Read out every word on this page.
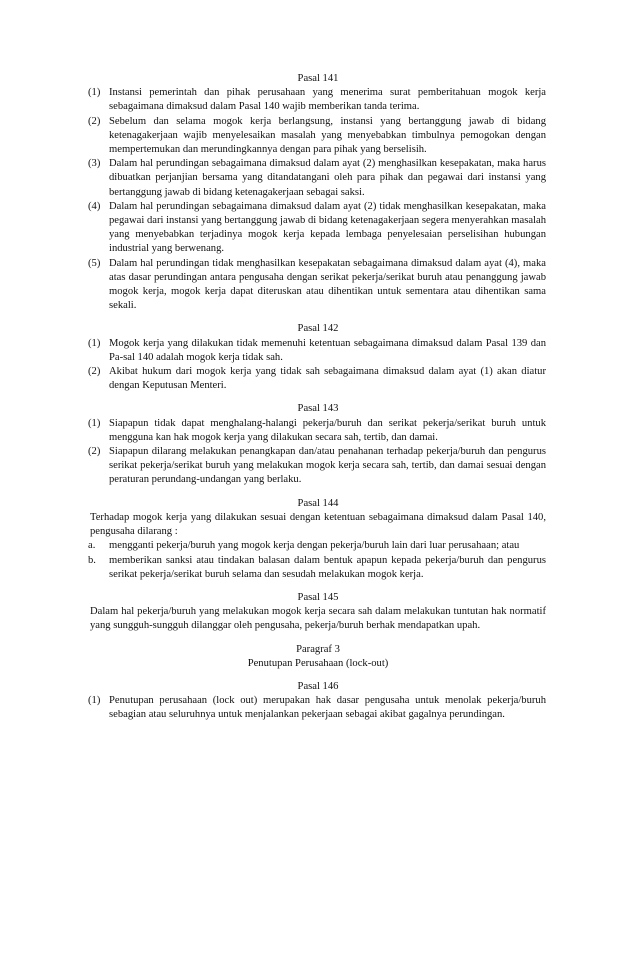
Pasal 141

(1) Instansi pemerintah dan pihak perusahaan yang menerima surat pemberitahuan mogok kerja sebagaimana dimaksud dalam Pasal 140 wajib memberikan tanda terima.
(2) Sebelum dan selama mogok kerja berlangsung, instansi yang bertanggung jawab di bidang ketenagakerjaan wajib menyelesaikan masalah yang menyebabkan timbulnya pemogokan dengan mempertemukan dan merundingkannya dengan para pihak yang berselisih.
(3) Dalam hal perundingan sebagaimana dimaksud dalam ayat (2) menghasilkan kesepakatan, maka harus dibuatkan perjanjian bersama yang ditandatangani oleh para pihak dan pegawai dari instansi yang bertanggung jawab di bidang ketenagakerjaan sebagai saksi.
(4) Dalam hal perundingan sebagaimana dimaksud dalam ayat (2) tidak menghasilkan kesepakatan, maka pegawai dari instansi yang bertanggung jawab di bidang ketenagakerjaan segera menyerahkan masalah yang menyebabkan terjadinya mogok kerja kepada lembaga penyelesaian perselisihan hubungan industrial yang berwenang.
(5) Dalam hal perundingan tidak menghasilkan kesepakatan sebagaimana dimaksud dalam ayat (4), maka atas dasar perundingan antara pengusaha dengan serikat pekerja/serikat buruh atau penanggung jawab mogok kerja, mogok kerja dapat diteruskan atau dihentikan untuk sementara atau dihentikan sama sekali.

Pasal 142

(1) Mogok kerja yang dilakukan tidak memenuhi ketentuan sebagaimana dimaksud dalam Pasal 139 dan Pa-sal 140 adalah mogok kerja tidak sah.
(2) Akibat hukum dari mogok kerja yang tidak sah sebagaimana dimaksud dalam ayat (1) akan diatur dengan Keputusan Menteri.

Pasal 143

(1) Siapapun tidak dapat menghalang-halangi pekerja/buruh dan serikat pekerja/serikat buruh untuk mengguna kan hak mogok kerja yang dilakukan secara sah, tertib, dan damai.
(2) Siapapun dilarang melakukan penangkapan dan/atau penahanan terhadap pekerja/buruh dan pengurus serikat pekerja/serikat buruh yang melakukan mogok kerja secara sah, tertib, dan damai sesuai dengan peraturan perundang-undangan yang berlaku.

Pasal 144

Terhadap mogok kerja yang dilakukan sesuai dengan ketentuan sebagaimana dimaksud dalam Pasal 140, pengusaha dilarang :

a. mengganti pekerja/buruh yang mogok kerja dengan pekerja/buruh lain dari luar perusahaan; atau
b. memberikan sanksi atau tindakan balasan dalam bentuk apapun kepada pekerja/buruh dan pengurus serikat pekerja/serikat buruh selama dan sesudah melakukan mogok kerja.

Pasal 145

Dalam hal pekerja/buruh yang melakukan mogok kerja secara sah dalam melakukan tuntutan hak normatif yang sungguh-sungguh dilanggar oleh pengusaha, pekerja/buruh berhak mendapatkan upah.

Paragraf 3

Penutupan Perusahaan (lock-out)

Pasal 146

(1) Penutupan perusahaan (lock out) merupakan hak dasar pengusaha untuk menolak pekerja/buruh sebagian atau seluruhnya untuk menjalankan pekerjaan sebagai akibat gagalnya perundingan.
